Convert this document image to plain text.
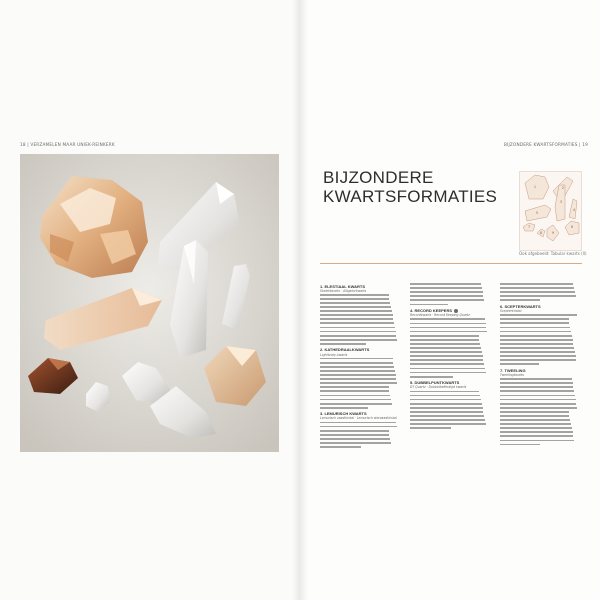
18 | VERZAMELEN MAAR UNIEK-REINKERK	BIJZONDERE KWARTSFORMATIES | 19
BIJZONDERE
KWARTSFORMATIES	1	2
3
4
5
6
7
8	9
Ook afgebeeld: Tabular kwarts (ll)
1. ELESTIAAL KWARTS
Skeletkwarts · Alligatorkwarts
2. KATHEDRAALKWARTS
Lightbrary-kwarts
3. LEMURISCH KWARTS
Lemurisch zaadkristal · Lemurisch sterzaadkristal
4. RECORD KEEPERS
Recordkwarts · Record Keeping Quartz
5. DUBBELPUNTKWARTS
DT Quartz · Dubbelbeëindigd kwarts
6. SCEPTERKWARTS
Scepterkristal
7. TWEELING
Tweelingkwarts
